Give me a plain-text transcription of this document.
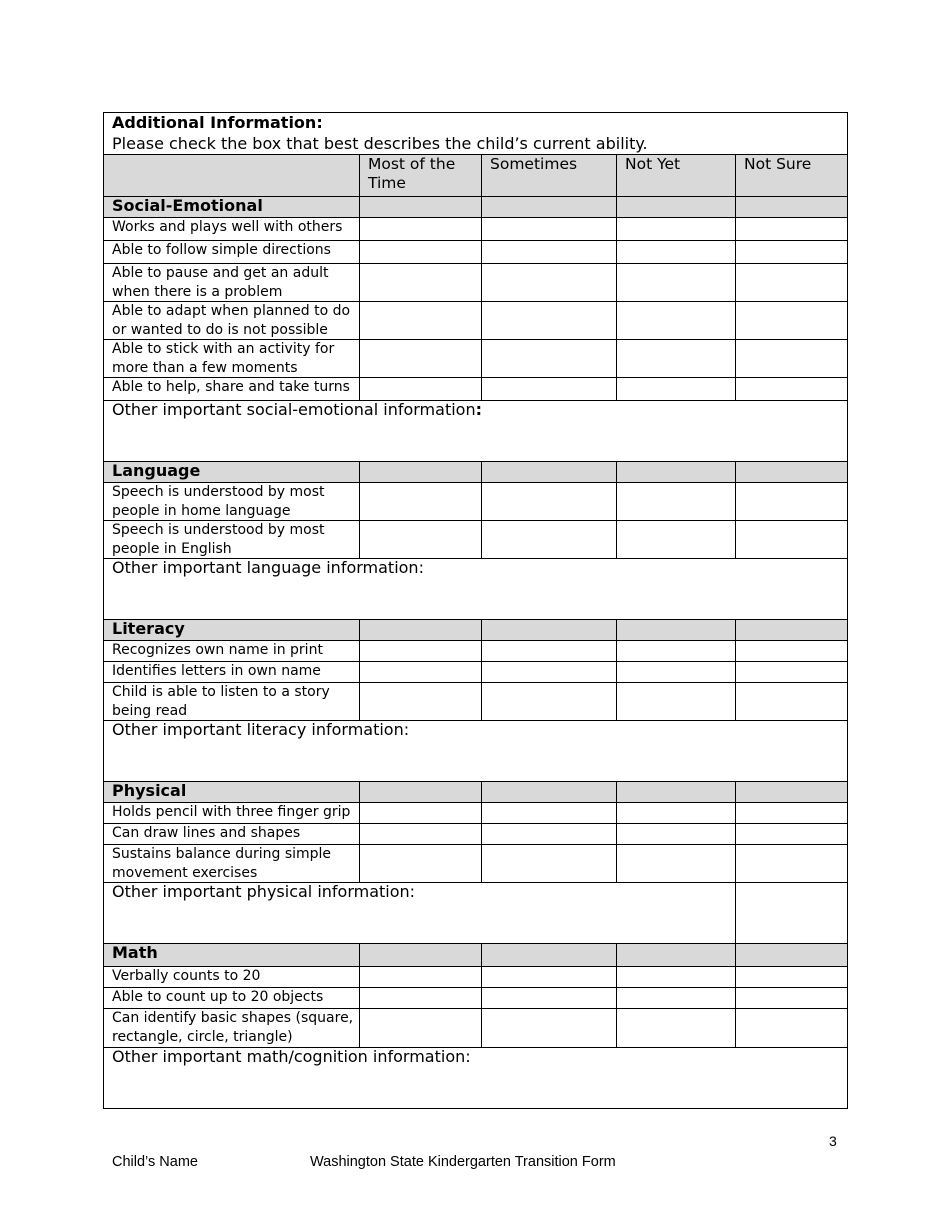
Additional Information:
Please check the box that best describes the child’s current ability.				

	Most of the Time	Sometimes	Not Yet	Not Sure
Social-Emotional				
Works and plays well with others				
Able to follow simple directions				
Able to pause and get an adult when there is a problem				
Able to adapt when planned to do or wanted to do is not possible				
Able to stick with an activity for more than a few moments				
Able to help, share and take turns				
Other important social-emotional information:				
Language				
Speech is understood by most people in home language				
Speech is understood by most people in English				
Other important language information:				
Literacy				
Recognizes own name in print				
Identifies letters in own name				
Child is able to listen to a story being read				
Other important literacy information:				
Physical				
Holds pencil with three finger grip				
Can draw lines and shapes				
Sustains balance during simple movement exercises				
Other important physical information:				
Math				
Verbally counts to 20				
Able to count up to 20 objects				
Can identify basic shapes (square, rectangle, circle, triangle)				
Other important math/cognition information:				
3
Child’s Name	Washington State Kindergarten Transition Form
